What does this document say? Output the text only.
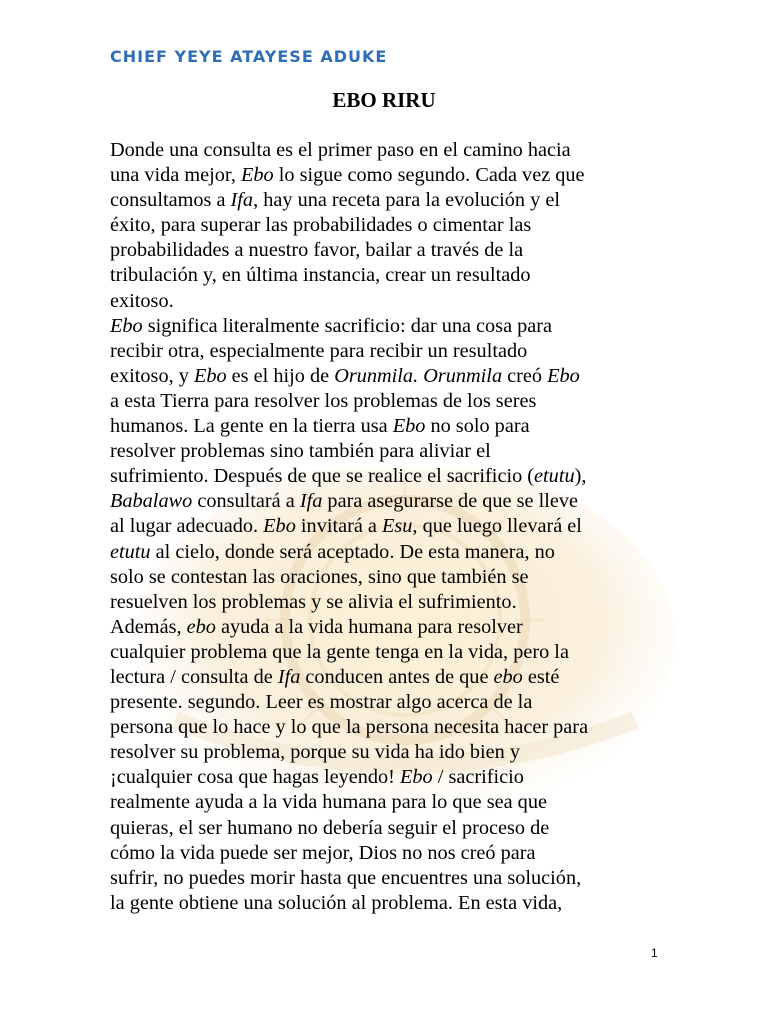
CHIEF YEYE ATAYESE ADUKE
EBO RIRU
Donde una consulta es el primer paso en el camino hacia
una vida mejor, Ebo lo sigue como segundo. Cada vez que
consultamos a Ifa, hay una receta para la evolución y el
éxito, para superar las probabilidades o cimentar las
probabilidades a nuestro favor, bailar a través de la
tribulación y, en última instancia, crear un resultado
exitoso.
Ebo significa literalmente sacrificio: dar una cosa para
recibir otra, especialmente para recibir un resultado
exitoso, y Ebo es el hijo de Orunmila. Orunmila creó Ebo
a esta Tierra para resolver los problemas de los seres
humanos. La gente en la tierra usa Ebo no solo para
resolver problemas sino también para aliviar el
sufrimiento. Después de que se realice el sacrificio (etutu),
Babalawo consultará a Ifa para asegurarse de que se lleve
al lugar adecuado. Ebo invitará a Esu, que luego llevará el
etutu al cielo, donde será aceptado. De esta manera, no
solo se contestan las oraciones, sino que también se
resuelven los problemas y se alivia el sufrimiento.
Además, ebo ayuda a la vida humana para resolver
cualquier problema que la gente tenga en la vida, pero la
lectura / consulta de Ifa conducen antes de que ebo esté
presente. segundo. Leer es mostrar algo acerca de la
persona que lo hace y lo que la persona necesita hacer para
resolver su problema, porque su vida ha ido bien y
¡cualquier cosa que hagas leyendo! Ebo / sacrificio
realmente ayuda a la vida humana para lo que sea que
quieras, el ser humano no debería seguir el proceso de
cómo la vida puede ser mejor, Dios no nos creó para
sufrir, no puedes morir hasta que encuentres una solución,
la gente obtiene una solución al problema. En esta vida,
1
